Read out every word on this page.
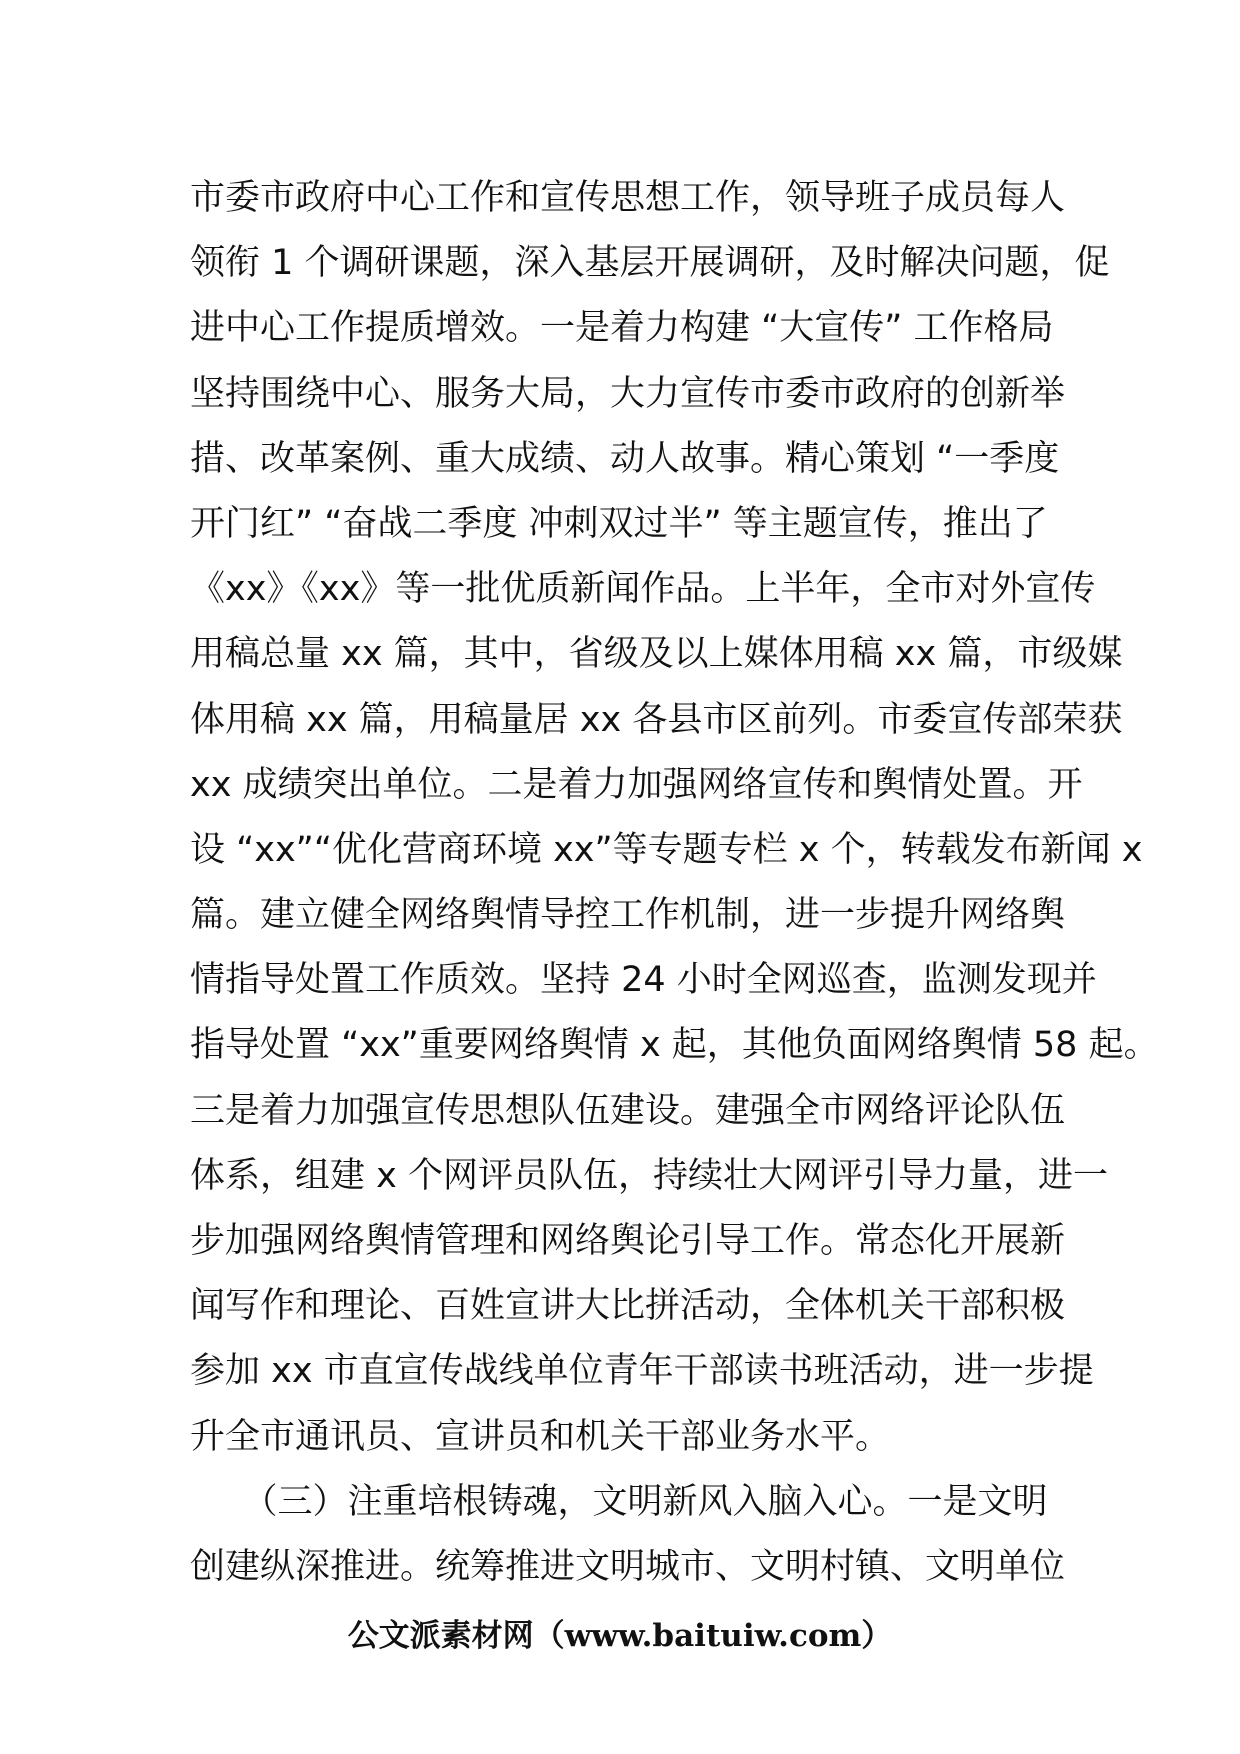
市委市政府中心工作和宣传思想工作，领导班子成员每人
领衔 1 个调研课题，深入基层开展调研，及时解决问题，促
进中心工作提质增效。一是着力构建 “大宣传” 工作格局
坚持围绕中心、服务大局，大力宣传市委市政府的创新举
措、改革案例、重大成绩、动人故事。精心策划 “一季度
开门红” “奋战二季度 冲刺双过半” 等主题宣传，推出了
《xx》《xx》等一批优质新闻作品。上半年，全市对外宣传
用稿总量 xx 篇，其中，省级及以上媒体用稿 xx 篇，市级媒
体用稿 xx 篇，用稿量居 xx 各县市区前列。市委宣传部荣获
xx 成绩突出单位。二是着力加强网络宣传和舆情处置。开
设 “xx”“优化营商环境 xx”等专题专栏 x 个，转载发布新闻 x
篇。建立健全网络舆情导控工作机制，进一步提升网络舆
情指导处置工作质效。坚持 24 小时全网巡查，监测发现并
指导处置 “xx”重要网络舆情 x 起，其他负面网络舆情 58 起。
三是着力加强宣传思想队伍建设。建强全市网络评论队伍
体系，组建 x 个网评员队伍，持续壮大网评引导力量，进一
步加强网络舆情管理和网络舆论引导工作。常态化开展新
闻写作和理论、百姓宣讲大比拼活动，全体机关干部积极
参加 xx 市直宣传战线单位青年干部读书班活动，进一步提
升全市通讯员、宣讲员和机关干部业务水平。
　　（三）注重培根铸魂，文明新风入脑入心。一是文明
创建纵深推进。统筹推进文明城市、文明村镇、文明单位
公文派素材网（www.baituiw.com）
